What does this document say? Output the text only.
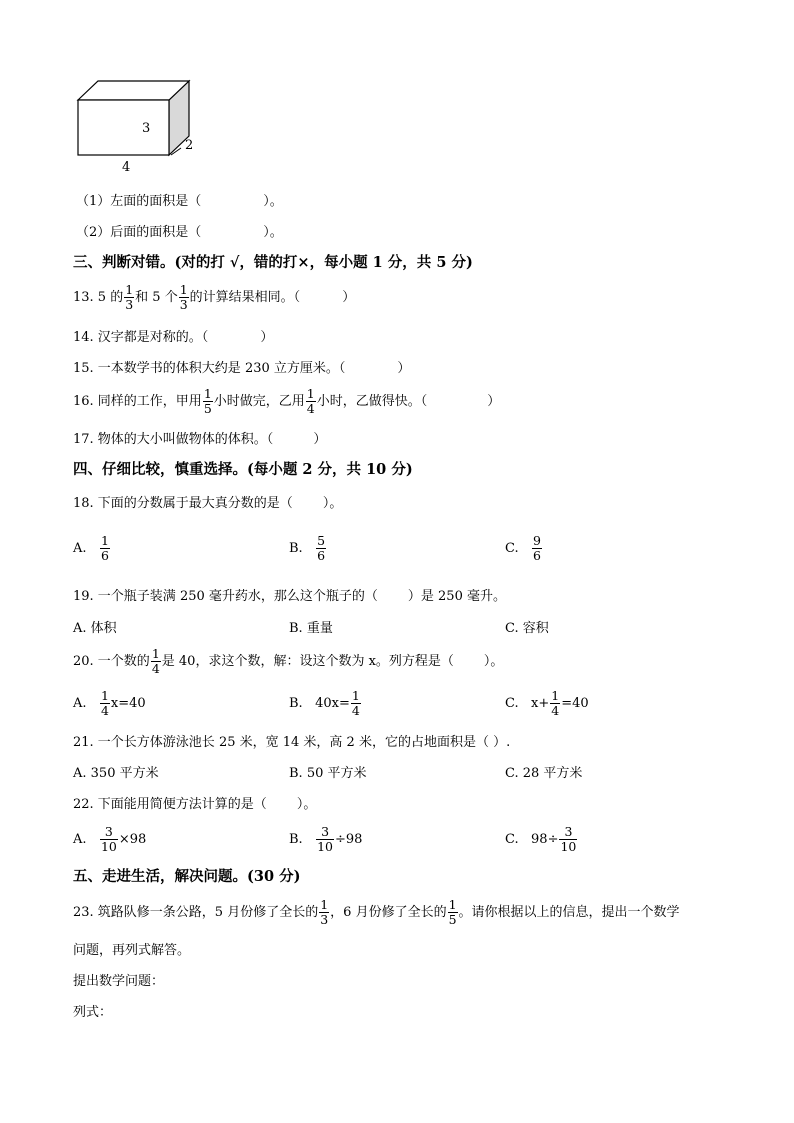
3
2
4
（1）左面的面积是（	）。
（2）后面的面积是（	）。
三、判断对错。(对的打 √，错的打×，每小题 1 分，共 5 分)
13. 5 的 $\frac{1}{3}$ 和 5 个 $\frac{1}{3}$ 的计算结果相同。（	）
14. 汉字都是对称的。（	）
15. 一本数学书的体积大约是 230 立方厘米。（	）
16. 同样的工作，甲用 $\frac{1}{5}$ 小时做完，乙用 $\frac{1}{4}$ 小时，乙做得快。（	）
17. 物体的大小叫做物体的体积。（	）
四、仔细比较，慎重选择。(每小题 2 分，共 10 分)
18. 下面的分数属于最大真分数的是（ ）。
A. $\frac{1}{6}$	B. $\frac{5}{6}$	C. $\frac{9}{6}$
19. 一个瓶子装满 250 毫升药水，那么这个瓶子的（ ）是 250 毫升。
A. 体积	B. 重量	C. 容积
20. 一个数的 $\frac{1}{4}$ 是 40，求这个数，解：设这个数为 x。列方程是（ ）。
A. $\frac{1}{4} x=40$	B. $40x= \frac{1}{4}$	C. $x+ \frac{1}{4} =40$
21. 一个长方体游泳池长 25 米，宽 14 米，高 2 米，它的占地面积是（ ）.
A. 350 平方米	B. 50 平方米	C. 28 平方米
22. 下面能用简便方法计算的是（ ）。
A. $\frac{3}{10} \times 98$	B. $\frac{3}{10} \div 98$	C. $98\div \frac{3}{10}$
五、走进生活，解决问题。(30 分)
23. 筑路队修一条公路，5 月份修了全长的 $\frac{1}{3}$ ，6 月份修了全长的 $\frac{1}{5}$ 。请你根据以上的信息，提出一个数学
问题，再列式解答。
提出数学问题：
列式：
